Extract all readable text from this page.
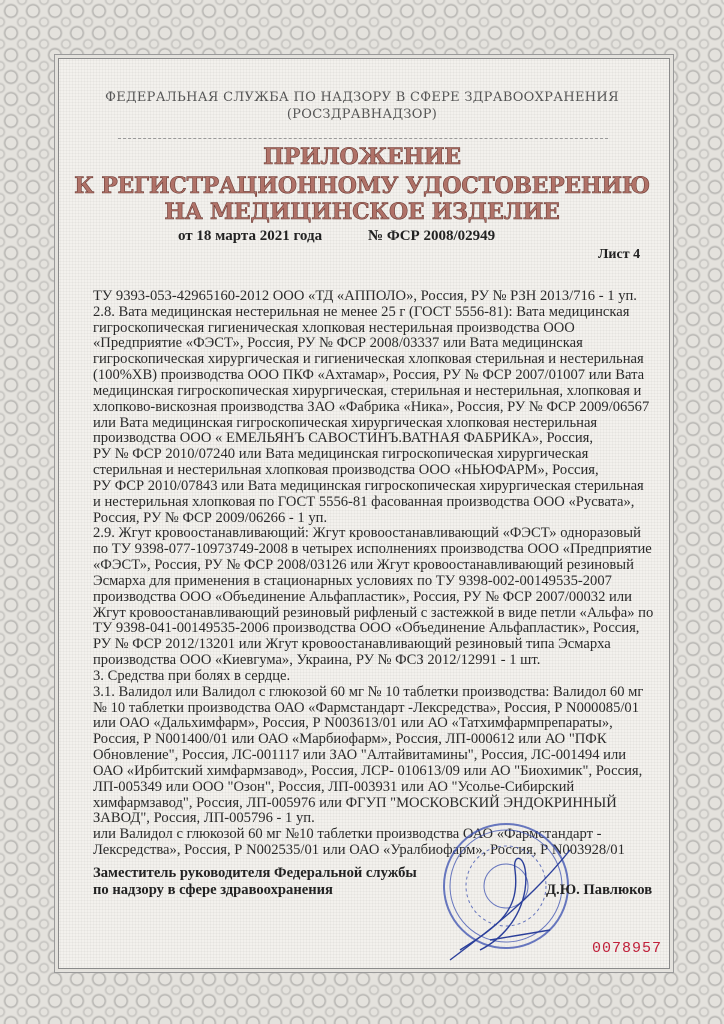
ФЕДЕРАЛЬНАЯ СЛУЖБА ПО НАДЗОРУ В СФЕРЕ ЗДРАВООХРАНЕНИЯ
(РОСЗДРАВНАДЗОР)
ПРИЛОЖЕНИЕ
К РЕГИСТРАЦИОННОМУ УДОСТОВЕРЕНИЮ
НА МЕДИЦИНСКОЕ ИЗДЕЛИЕ
от 18 марта 2021 года	№ ФСР 2008/02949
Лист 4
ТУ 9393-053-42965160-2012 ООО «ТД «АППОЛО», Россия, РУ № РЗН 2013/716 - 1 уп.
2.8. Вата медицинская нестерильная не менее 25 г (ГОСТ 5556-81): Вата медицинская
гигроскопическая гигиеническая хлопковая нестерильная производства ООО
«Предприятие «ФЭСТ», Россия, РУ № ФСР 2008/03337 или Вата медицинская
гигроскопическая хирургическая и гигиеническая хлопковая стерильная и нестерильная
(100%ХВ) производства ООО ПКФ «Ахтамар», Россия, РУ № ФСР 2007/01007 или Вата
медицинская гигроскопическая хирургическая, стерильная и нестерильная, хлопковая и
хлопково-вискозная производства ЗАО «Фабрика «Ника», Россия, РУ № ФСР 2009/06567
или Вата медицинская гигроскопическая хирургическая хлопковая нестерильная
производства ООО « ЕМЕЛЬЯНЪ САВОСТИНЪ.ВАТНАЯ ФАБРИКА», Россия,
РУ № ФСР 2010/07240 или Вата медицинская гигроскопическая хирургическая
стерильная и нестерильная хлопковая производства ООО «НЬЮФАРМ», Россия,
РУ ФСР 2010/07843 или Вата медицинская гигроскопическая хирургическая стерильная
и нестерильная хлопковая по ГОСТ 5556-81 фасованная производства ООО «Русвата»,
Россия, РУ № ФСР 2009/06266 - 1 уп.
2.9. Жгут кровоостанавливающий: Жгут кровоостанавливающий «ФЭСТ» одноразовый
по ТУ 9398-077-10973749-2008 в четырех исполнениях производства ООО «Предприятие
«ФЭСТ», Россия, РУ № ФСР 2008/03126 или Жгут кровоостанавливающий резиновый
Эсмарха для применения в стационарных условиях по ТУ 9398-002-00149535-2007
производства ООО «Объединение Альфапластик», Россия, РУ № ФСР 2007/00032 или
Жгут кровоостанавливающий резиновый рифленый с застежкой в виде петли «Альфа» по
ТУ 9398-041-00149535-2006 производства ООО «Объединение Альфапластик», Россия,
РУ № ФСР 2012/13201 или Жгут кровоостанавливающий резиновый типа Эсмарха
производства ООО «Киевгума», Украина, РУ № ФСЗ 2012/12991 - 1 шт.
3. Средства при болях в сердце.
3.1. Валидол или Валидол с глюкозой 60 мг № 10 таблетки производства: Валидол 60 мг
№ 10 таблетки производства ОАО «Фармстандарт -Лексредства», Россия, Р N000085/01
или ОАО «Дальхимфарм», Россия, Р N003613/01 или АО «Татхимфармпрепараты»,
Россия, Р N001400/01 или ОАО «Марбиофарм», Россия, ЛП-000612 или АО "ПФК
Обновление", Россия, ЛС-001117 или ЗАО "Алтайвитамины", Россия, ЛС-001494 или
ОАО «Ирбитский химфармзавод», Россия, ЛСР- 010613/09 или АО "Биохимик", Россия,
ЛП-005349 или ООО "Озон", Россия, ЛП-003931 или АО "Усолье-Сибирский
химфармзавод", Россия, ЛП-005976 или ФГУП "МОСКОВСКИЙ ЭНДОКРИННЫЙ
ЗАВОД", Россия, ЛП-005796 - 1 уп.
или Валидол с глюкозой 60 мг №10 таблетки производства ОАО «Фармстандарт -
Лексредства», Россия, Р N002535/01 или ОАО «Уралбиофарм», Россия, Р N003928/01
Заместитель руководителя Федеральной службы
по надзору в сфере здравоохранения	Д.Ю. Павлюков
0078957
